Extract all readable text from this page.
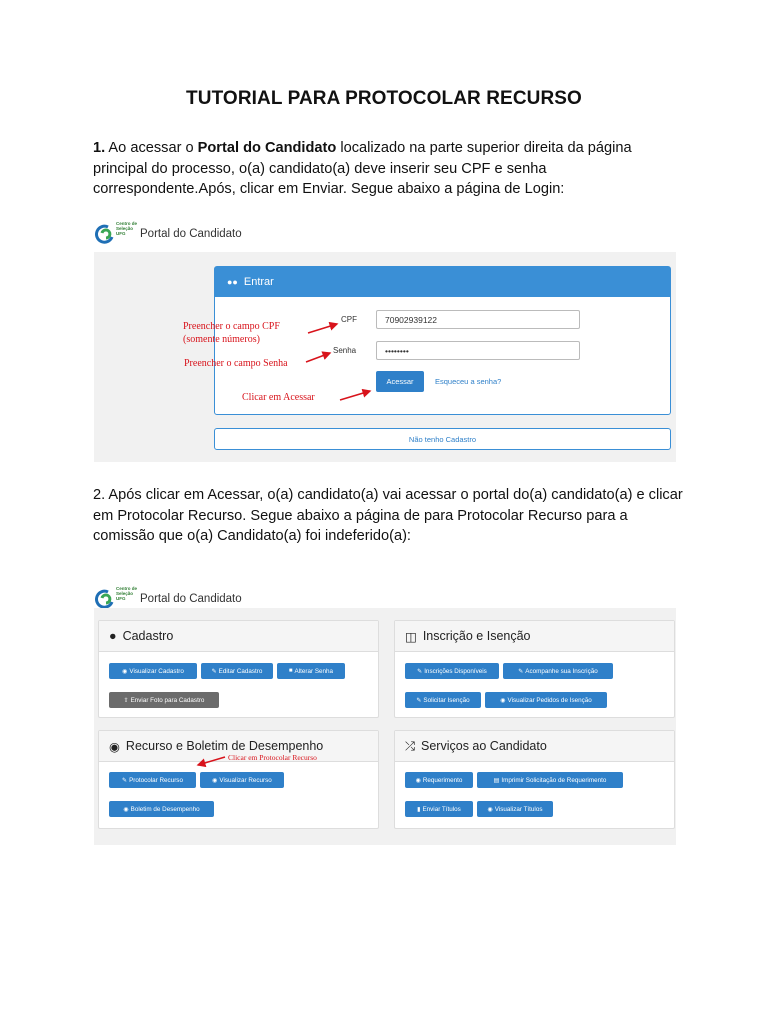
TUTORIAL PARA PROTOCOLAR RECURSO
1. Ao acessar o Portal do Candidato localizado na parte superior direita da página principal do processo, o(a) candidato(a) deve inserir seu CPF e senha correspondente.Após, clicar em Enviar. Segue abaixo a página de Login:
Centro de Seleção UFG	Portal do Candidato
●● Entrar
CPF	70902939122
Senha	••••••••
Acessar	Esqueceu a senha?
Não tenho Cadastro
Preencher o campo CPF
(somente números)
Preencher o campo Senha
Clicar em Acessar
2. Após clicar em Acessar, o(a) candidato(a) vai acessar o portal do(a) candidato(a) e clicar em Protocolar Recurso. Segue abaixo a página de para Protocolar Recurso para a comissão que o(a) Candidato(a) foi indeferido(a):
Centro de Seleção UFG	Portal do Candidato
● Cadastro
◉ Visualizar Cadastro	✎ Editar Cadastro	■ Alterar Senha
⇧ Enviar Foto para Cadastro
◫ Inscrição e Isenção
✎ Inscrições Disponíveis	✎ Acompanhe sua Inscrição
✎ Solicitar Isenção	◉ Visualizar Pedidos de Isenção
◉ Recurso e Boletim de Desempenho
✎ Protocolar Recurso	◉ Visualizar Recurso
◉ Boletim de Desempenho
Clicar em Protocolar Recurso
⤮ Serviços ao Candidato
◉ Requerimento	▤ Imprimir Solicitação de Requerimento
▮ Enviar Títulos	◉ Visualizar Títulos
